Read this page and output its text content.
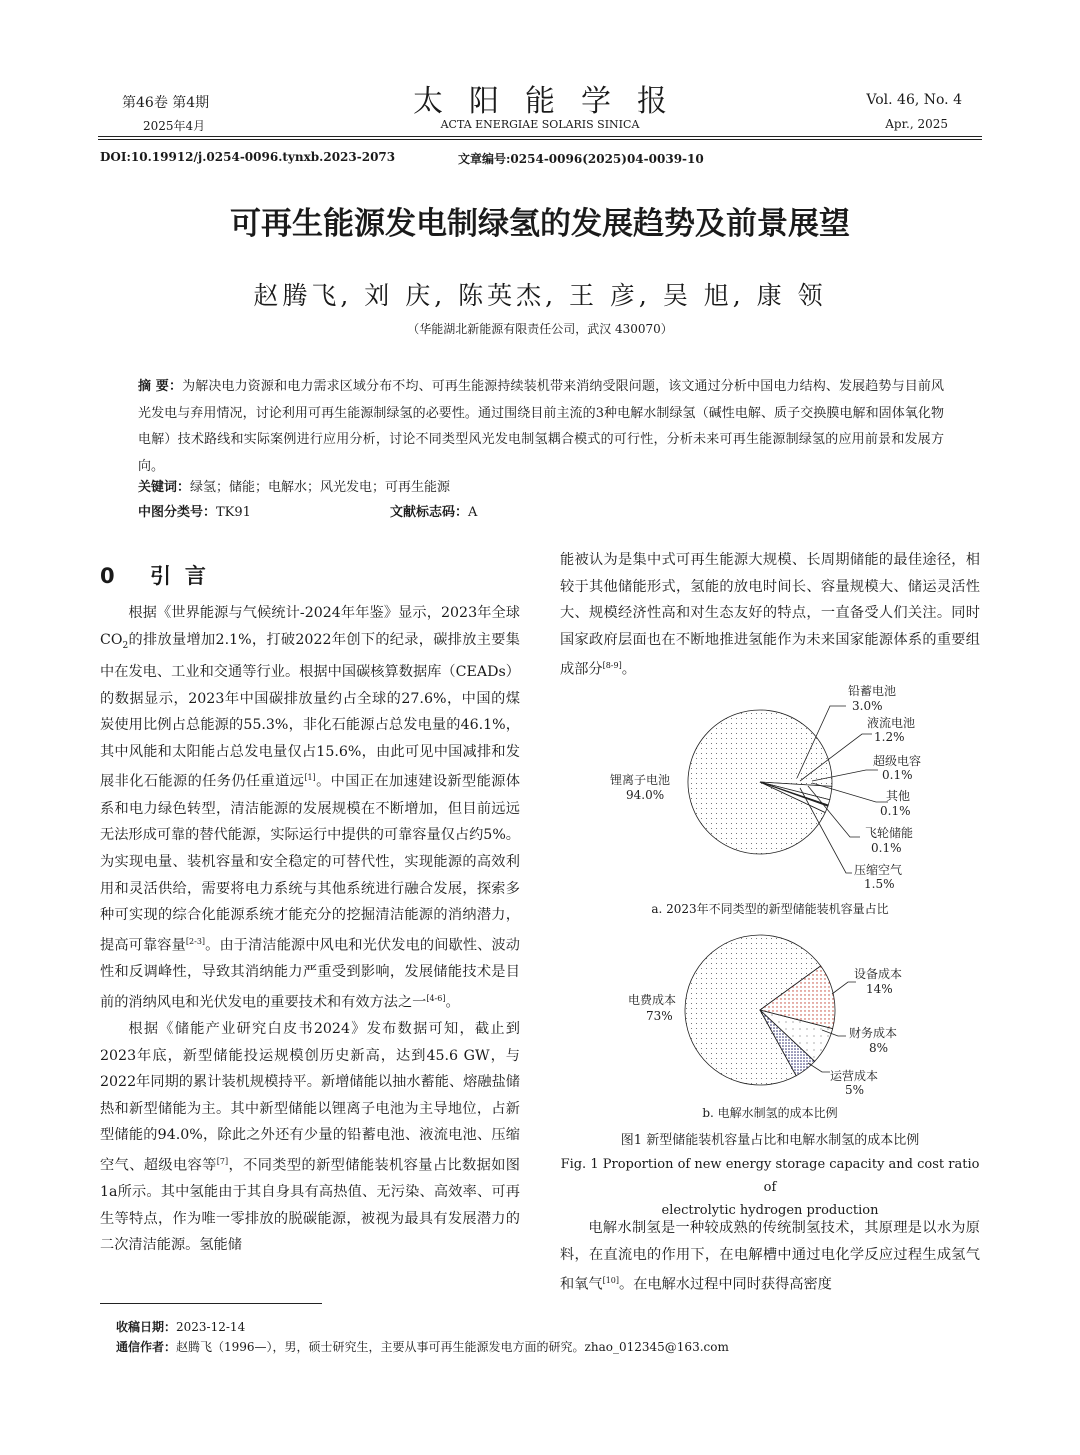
第46卷 第4期
2025年4月
太阳能学报
ACTA ENERGIAE SOLARIS SINICA
Vol. 46, No. 4
Apr., 2025
DOI:10.19912/j.0254-0096.tynxb.2023-2073	文章编号:0254-0096(2025)04-0039-10
可再生能源发电制绿氢的发展趋势及前景展望
赵腾飞, 刘 庆, 陈英杰, 王 彦, 吴 旭, 康 领
（华能湖北新能源有限责任公司，武汉 430070）
摘 要：为解决电力资源和电力需求区域分布不均、可再生能源持续装机带来消纳受限问题，该文通过分析中国电力结构、发展趋势与目前风光发电与弃用情况，讨论利用可再生能源制绿氢的必要性。通过围绕目前主流的3种电解水制绿氢（碱性电解、质子交换膜电解和固体氧化物电解）技术路线和实际案例进行应用分析，讨论不同类型风光发电制氢耦合模式的可行性，分析未来可再生能源制绿氢的应用前景和发展方向。
关键词：绿氢；储能；电解水；风光发电；可再生能源
中图分类号：TK91	文献标志码：A
0 引言

根据《世界能源与气候统计-2024年年鉴》显示，2023年全球$CO_2$的排放量增加2.1%，打破2022年创下的纪录，碳排放主要集中在发电、工业和交通等行业。根据中国碳核算数据库（CEADs）的数据显示，2023年中国碳排放量约占全球的27.6%，中国的煤炭使用比例占总能源的55.3%，非化石能源占总发电量的46.1%，其中风能和太阳能占总发电量仅占15.6%，由此可见中国减排和发展非化石能源的任务仍任重道远[1]。中国正在加速建设新型能源体系和电力绿色转型，清洁能源的发展规模在不断增加，但目前远远无法形成可靠的替代能源，实际运行中提供的可靠容量仅占约5%。为实现电量、装机容量和安全稳定的可替代性，实现能源的高效利用和灵活供给，需要将电力系统与其他系统进行融合发展，探索多种可实现的综合化能源系统才能充分的挖掘清洁能源的消纳潜力，提高可靠容量[2-3]。由于清洁能源中风电和光伏发电的间歇性、波动性和反调峰性，导致其消纳能力严重受到影响，发展储能技术是目前的消纳风电和光伏发电的重要技术和有效方法之一[4-6]。

根据《储能产业研究白皮书2024》发布数据可知，截止到2023年底，新型储能投运规模创历史新高，达到45.6 GW，与2022年同期的累计装机规模持平。新增储能以抽水蓄能、熔融盐储热和新型储能为主。其中新型储能以锂离子电池为主导地位，占新型储能的94.0%，除此之外还有少量的铅蓄电池、液流电池、压缩空气、超级电容等[7]，不同类型的新型储能装机容量占比数据如图1a所示。其中氢能由于其自身具有高热值、无污染、高效率、可再生等特点，作为唯一零排放的脱碳能源，被视为最具有发展潜力的二次清洁能源。氢能储

能被认为是集中式可再生能源大规模、长周期储能的最佳途径，相较于其他储能形式，氢能的放电时间长、容量规模大、储运灵活性大、规模经济性高和对生态友好的特点，一直备受人们关注。同时国家政府层面也在不断地推进氢能作为未来国家能源体系的重要组成部分[8-9]。

铅蓄电池
3.0%
液流电池
1.2%
超级电容
0.1%
其他
0.1%
飞轮储能
0.1%
压缩空气
1.5%
锂离子电池
94.0%
a. 2023年不同类型的新型储能装机容量占比
设备成本
14%
财务成本
8%
运营成本
5%
电费成本
73%
b. 电解水制氢的成本比例
图1 新型储能装机容量占比和电解水制氢的成本比例
Fig. 1 Proportion of new energy storage capacity and cost ratio of
electrolytic hydrogen production

电解水制氢是一种较成熟的传统制氢技术，其原理是以水为原料，在直流电的作用下，在电解槽中通过电化学反应过程生成氢气和氧气[10]。在电解水过程中同时获得高密度

收稿日期：2023-12-14
通信作者：赵腾飞（1996—），男，硕士研究生，主要从事可再生能源发电方面的研究。zhao_012345@163.com
